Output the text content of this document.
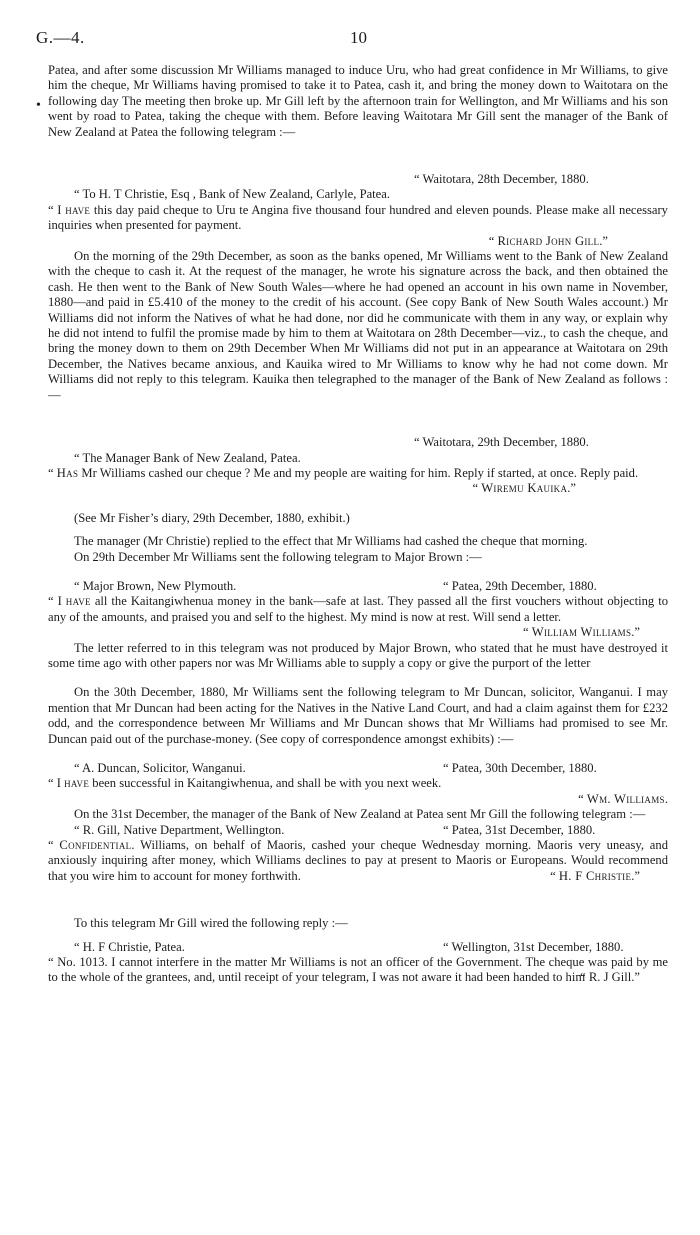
G.—4.	10
•

Patea, and after some discussion Mr Williams managed to induce Uru, who had great confidence in Mr Williams, to give him the cheque, Mr Williams having promised to take it to Patea, cash it, and bring the money down to Waitotara on the following day The meeting then broke up. Mr Gill left by the afternoon train for Wellington, and Mr Williams and his son went by road to Patea, taking the cheque with them. Before leaving Waitotara Mr Gill sent the manager of the Bank of New Zealand at Patea the following telegram :—

“ Waitotara, 28th December, 1880.
“ To H. T Christie, Esq , Bank of New Zealand, Carlyle, Patea.

“ I have this day paid cheque to Uru te Angina five thousand four hundred and eleven pounds. Please make all necessary inquiries when presented for payment.

“ Richard John Gill.”

On the morning of the 29th December, as soon as the banks opened, Mr Williams went to the Bank of New Zealand with the cheque to cash it. At the request of the manager, he wrote his signature across the back, and then obtained the cash. He then went to the Bank of New South Wales—where he had opened an account in his own name in November, 1880—and paid in £5.410 of the money to the credit of his account. (See copy Bank of New South Wales account.) Mr Williams did not inform the Natives of what he had done, nor did he communicate with them in any way, or explain why he did not intend to fulfil the promise made by him to them at Waitotara on 28th December—viz., to cash the cheque, and bring the money down to them on 29th December When Mr Williams did not put in an appearance at Waitotara on 29th December, the Natives became anxious, and Kauika wired to Mr Williams to know why he had not come down. Mr Williams did not reply to this telegram. Kauika then telegraphed to the manager of the Bank of New Zealand as follows :—

“ Waitotara, 29th December, 1880.
“ The Manager Bank of New Zealand, Patea.

“ Has Mr Williams cashed our cheque ? Me and my people are waiting for him. Reply if started, at once. Reply paid.

“ Wiremu Kauika.”

(See Mr Fisher’s diary, 29th December, 1880, exhibit.)

The manager (Mr Christie) replied to the effect that Mr Williams had cashed the cheque that morning.

On 29th December Mr Williams sent the following telegram to Major Brown :—

“ Major Brown, New Plymouth.	“ Patea, 29th December, 1880.

“ I have all the Kaitangiwhenua money in the bank—safe at last. They passed all the first vouchers without objecting to any of the amounts, and praised you and self to the highest. My mind is now at rest. Will send a letter.

“ William Williams.”

The letter referred to in this telegram was not produced by Major Brown, who stated that he must have destroyed it some time ago with other papers nor was Mr Williams able to supply a copy or give the purport of the letter

On the 30th December, 1880, Mr Williams sent the following telegram to Mr Duncan, solicitor, Wanganui. I may mention that Mr Duncan had been acting for the Natives in the Native Land Court, and had a claim against them for £232 odd, and the correspondence between Mr Williams and Mr Duncan shows that Mr Williams had promised to see Mr. Duncan paid out of the purchase-money. (See copy of correspondence amongst exhibits) :—

“ A. Duncan, Solicitor, Wanganui.	“ Patea, 30th December, 1880.

“ I have been successful in Kaitangiwhenua, and shall be with you next week.

“ Wm. Williams.

On the 31st December, the manager of the Bank of New Zealand at Patea sent Mr Gill the following telegram :—

“ R. Gill, Native Department, Wellington.	“ Patea, 31st December, 1880.

“ Confidential. Williams, on behalf of Maoris, cashed your cheque Wednesday morning. Maoris very uneasy, and anxiously inquiring after money, which Williams declines to pay at present to Maoris or Europeans. Would recommend that you wire him to account for money forthwith.	“ H. F Christie.”

To this telegram Mr Gill wired the following reply :—

“ H. F Christie, Patea.	“ Wellington, 31st December, 1880.

“ No. 1013. I cannot interfere in the matter Mr Williams is not an officer of the Government. The cheque was paid by me to the whole of the grantees, and, until receipt of your telegram, I was not aware it had been handed to him

“ R. J Gill.”
